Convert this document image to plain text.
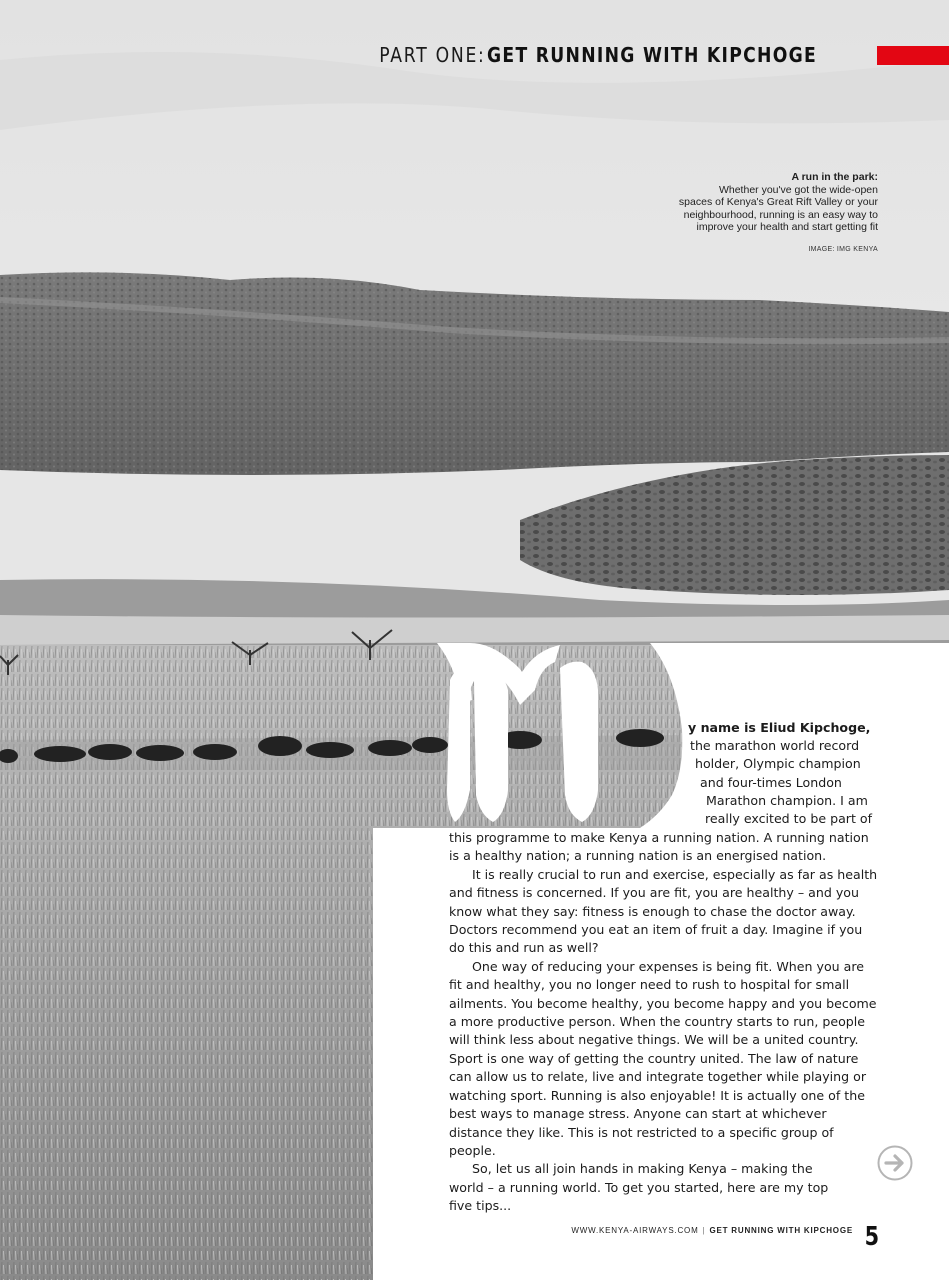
PART ONE: GET RUNNING WITH KIPCHOGE
A run in the park:
Whether you've got the wide-open
spaces of Kenya's Great Rift Valley or your
neighbourhood, running is an easy way to
improve your health and start getting fit
IMAGE: IMG KENYA
y name is Eliud Kipchoge,
the marathon world record
holder, Olympic champion
and four-times London
Marathon champion. I am
really excited to be part of

this programme to make Kenya a running nation. A running nation is a healthy nation; a running nation is an energised nation.

It is really crucial to run and exercise, especially as far as health and fitness is concerned. If you are fit, you are healthy – and you know what they say: fitness is enough to chase the doctor away. Doctors recommend you eat an item of fruit a day. Imagine if you do this and run as well?

One way of reducing your expenses is being fit. When you are fit and healthy, you no longer need to rush to hospital for small ailments. You become healthy, you become happy and you become a more productive person. When the country starts to run, people will think less about negative things. We will be a united country. Sport is one way of getting the country united. The law of nature can allow us to relate, live and integrate together while playing or watching sport. Running is also enjoyable! It is actually one of the best ways to manage stress. Anyone can start at whichever distance they like. This is not restricted to a specific group of people.

So, let us all join hands in making Kenya – making the world – a running world. To get you started, here are my top five tips...

WWW.KENYA-AIRWAYS.COM | GET RUNNING WITH KIPCHOGE 5
